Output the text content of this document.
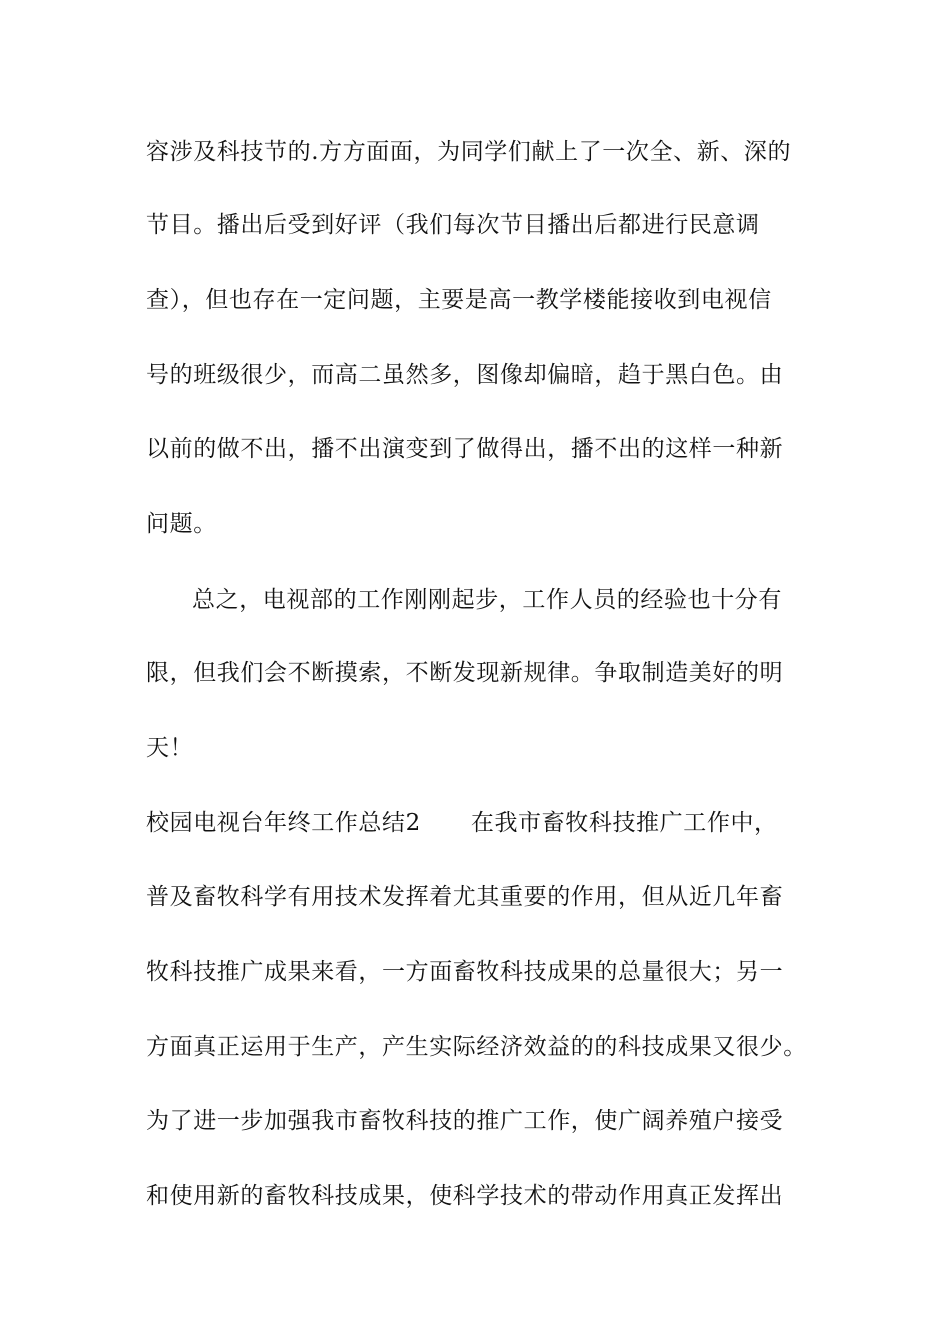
容涉及科技节的.方方面面，为同学们献上了一次全、新、深的
节目。播出后受到好评（我们每次节目播出后都进行民意调
查），但也存在一定问题，主要是高一教学楼能接收到电视信
号的班级很少，而高二虽然多，图像却偏暗，趋于黑白色。由
以前的做不出，播不出演变到了做得出，播不出的这样一种新
问题。
总之，电视部的工作刚刚起步，工作人员的经验也十分有
限，但我们会不断摸索，不断发现新规律。争取制造美好的明
天！
校园电视台年终工作总结2 在我市畜牧科技推广工作中，
普及畜牧科学有用技术发挥着尤其重要的作用，但从近几年畜
牧科技推广成果来看，一方面畜牧科技成果的总量很大；另一
方面真正运用于生产，产生实际经济效益的的科技成果又很少。
为了进一步加强我市畜牧科技的推广工作，使广阔养殖户接受
和使用新的畜牧科技成果，使科学技术的带动作用真正发挥出
